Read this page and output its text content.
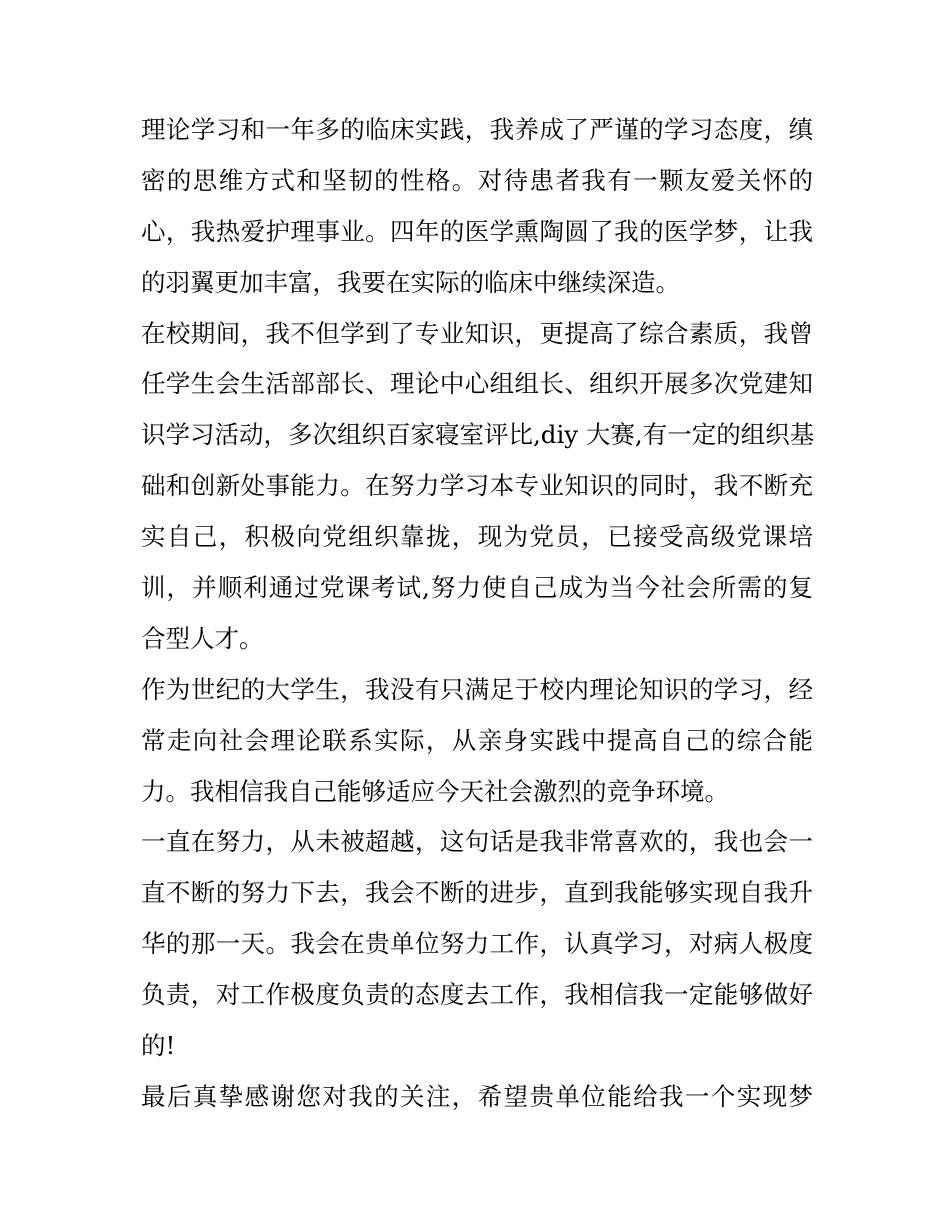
理论学习和一年多的临床实践，我养成了严谨的学习态度，缜
密的思维方式和坚韧的性格。对待患者我有一颗友爱关怀的
心，我热爱护理事业。四年的医学熏陶圆了我的医学梦，让我
的羽翼更加丰富，我要在实际的临床中继续深造。
在校期间，我不但学到了专业知识，更提高了综合素质，我曾
任学生会生活部部长、理论中心组组长、组织开展多次党建知
识学习活动，多次组织百家寝室评比,diy 大赛,有一定的组织基
础和创新处事能力。在努力学习本专业知识的同时，我不断充
实自己，积极向党组织靠拢，现为党员，已接受高级党课培
训，并顺利通过党课考试,努力使自己成为当今社会所需的复
合型人才。
作为世纪的大学生，我没有只满足于校内理论知识的学习，经
常走向社会理论联系实际，从亲身实践中提高自己的综合能
力。我相信我自己能够适应今天社会激烈的竞争环境。
一直在努力，从未被超越，这句话是我非常喜欢的，我也会一
直不断的努力下去，我会不断的进步，直到我能够实现自我升
华的那一天。我会在贵单位努力工作，认真学习，对病人极度
负责，对工作极度负责的态度去工作，我相信我一定能够做好
的!
最后真挚感谢您对我的关注，希望贵单位能给我一个实现梦
